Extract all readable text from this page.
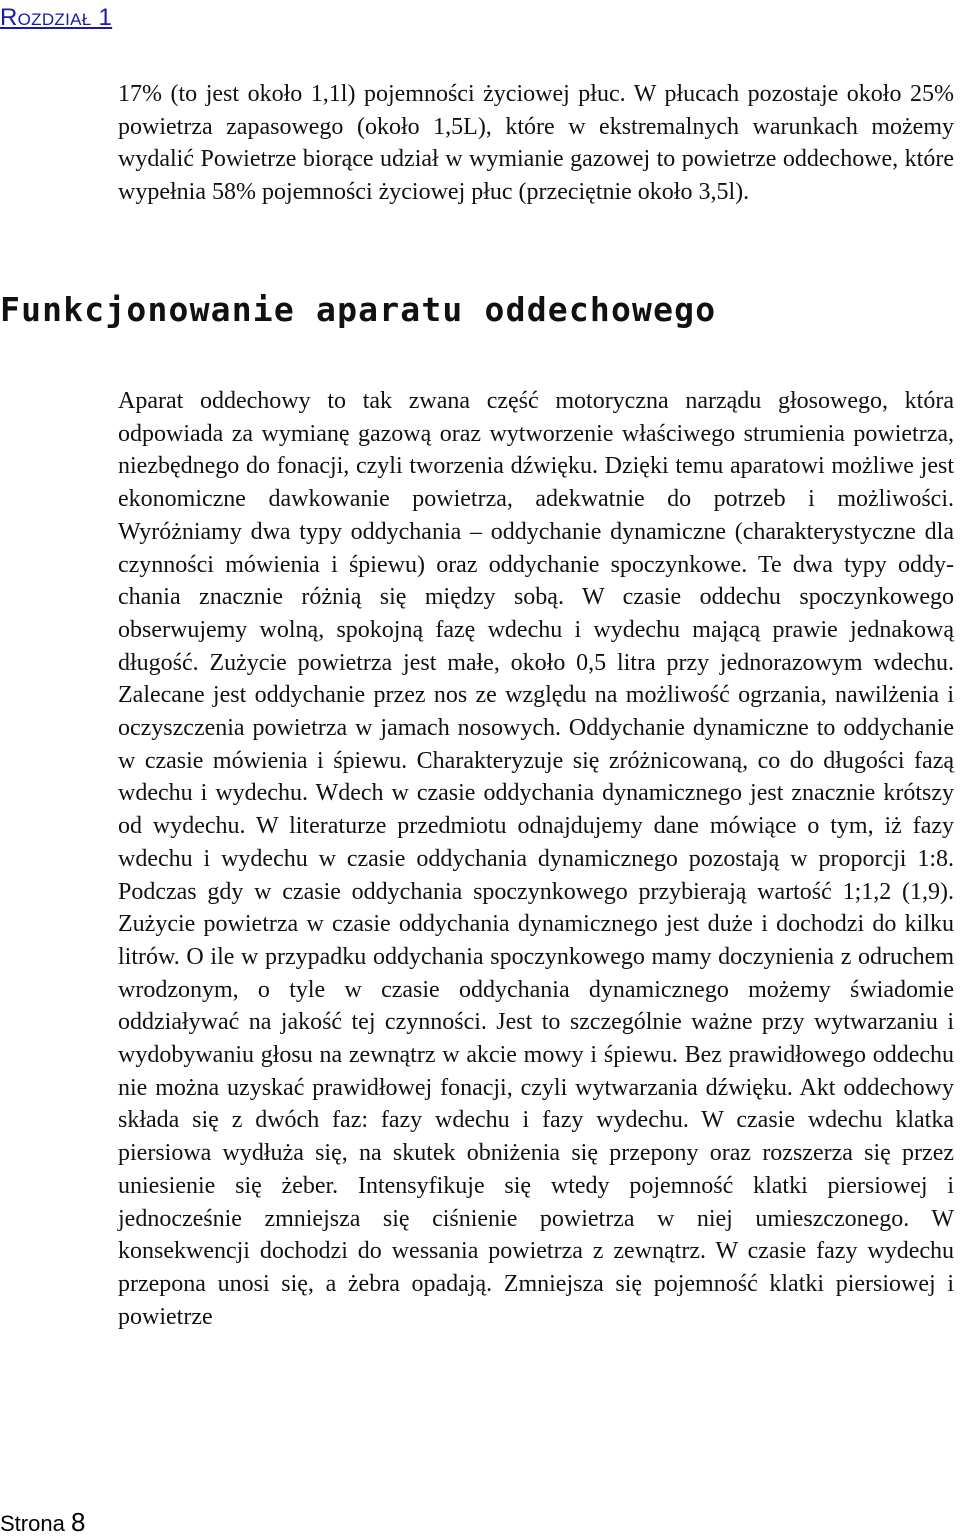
Rozdział 1

17% (to jest około 1,1l) pojemności życiowej płuc. W płucach pozostaje około 25% powietrza zapasowego (około 1,5L), które w ekstremalnych warunkach możemy wydalić Powietrze biorące udział w wymianie gazowej to powietrze oddechowe, które wypełnia 58% pojemności życiowej płuc (przeciętnie około 3,5l).

Funkcjonowanie aparatu oddechowego

Aparat oddechowy to tak zwana część motoryczna narządu głosowego, która odpowiada za wymianę gazową oraz wytworzenie właściwego strumienia powietrza, niezbędnego do fonacji, czyli tworzenia dźwięku. Dzięki temu aparatowi możliwe jest ekonomiczne dawkowanie powietrza, adekwatnie do potrzeb i możliwości. Wyróżniamy dwa typy oddychania – oddychanie dynamiczne (charakterystyczne dla czynności mówienia i śpiewu) oraz oddychanie spoczynkowe. Te dwa typy oddychania znacznie różnią się między sobą. W czasie oddechu spoczynkowego obserwujemy wolną, spokojną fazę wdechu i wydechu mającą prawie jednakową długość. Zużycie powietrza jest małe, około 0,5 litra przy jednorazowym wdechu. Zalecane jest oddychanie przez nos ze względu na możliwość ogrzania, nawilżenia i oczyszczenia powietrza w jamach nosowych. Oddychanie dynamiczne to oddychanie w czasie mówienia i śpiewu. Charakteryzuje się zróżnicowaną, co do długości fazą wdechu i wydechu. Wdech w czasie oddychania dynamicznego jest znacznie krótszy od wydechu. W literaturze przedmiotu odnajdujemy dane mówiące o tym, iż fazy wdechu i wydechu w czasie oddychania dynamicznego pozostają w proporcji 1:8. Podczas gdy w czasie oddychania spoczynkowego przybierają wartość 1;1,2 (1,9). Zużycie powietrza w czasie oddychania dynamicznego jest duże i dochodzi do kilku litrów. O ile w przypadku oddychania spoczynkowego mamy doczynienia z odruchem wrodzonym, o tyle w czasie oddychania dynamicznego możemy świadomie oddziaływać na jakość tej czynności. Jest to szczególnie ważne przy wytwarzaniu i wydobywaniu głosu na zewnątrz w akcie mowy i śpiewu. Bez prawidłowego oddechu nie można uzyskać prawidłowej fonacji, czyli wytwarzania dźwięku. Akt oddechowy składa się z dwóch faz: fazy wdechu i fazy wydechu. W czasie wdechu klatka piersiowa wydłuża się, na skutek obniżenia się przepony oraz rozszerza się przez uniesienie się żeber. Intensyfikuje się wtedy pojemność klatki piersiowej i jednocześnie zmniejsza się ciśnienie powietrza w niej umieszczonego. W konsekwencji dochodzi do wessania powietrza z zewnątrz. W czasie fazy wydechu przepona unosi się, a żebra opadają. Zmniejsza się pojemność klatki piersiowej i powietrze

Strona 8
